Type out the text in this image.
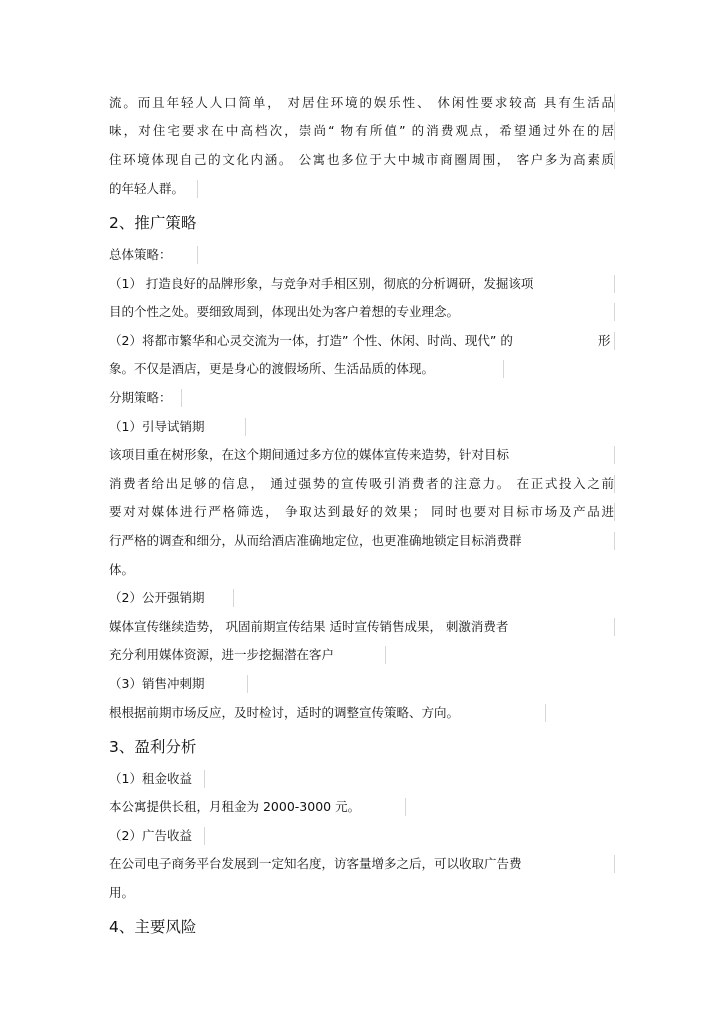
流。而且年轻人人口简单， 对居住环境的娱乐性、 休闲性要求较高 具有生活品
味，对住宅要求在中高档次，崇尚“ 物有所值” 的消费观点，希望通过外在的居
住环境体现自己的文化内涵。 公寓也多位于大中城市商圈周围， 客户多为高素质
的年轻人群。
2、推广策略
总体策略：
（1） 打造良好的品牌形象，与竞争对手相区别，彻底的分析调研，发掘该项
目的个性之处。要细致周到，体现出处为客户着想的专业理念。
（2）将都市繁华和心灵交流为一体，打造” 个性、休闲、时尚、现代” 的	形
象。不仅是酒店，更是身心的渡假场所、生活品质的体现。
分期策略：
（1）引导试销期
该项目重在树形象，在这个期间通过多方位的媒体宣传来造势，针对目标
消费者给出足够的信息， 通过强势的宣传吸引消费者的注意力。 在正式投入之前
要对对媒体进行严格筛选， 争取达到最好的效果； 同时也要对目标市场及产品进
行严格的调查和细分，从而给酒店准确地定位，也更准确地锁定目标消费群
体。
（2）公开强销期
媒体宣传继续造势， 巩固前期宣传结果 适时宣传销售成果， 刺激消费者
充分利用媒体资源，进一步挖掘潜在客户
（3）销售冲刺期
根根据前期市场反应，及时检讨，适时的调整宣传策略、方向。
3、盈利分析
（1）租金收益
本公寓提供长租，月租金为 2000-3000 元。
（2）广告收益
在公司电子商务平台发展到一定知名度，访客量增多之后，可以收取广告费
用。
4、主要风险
